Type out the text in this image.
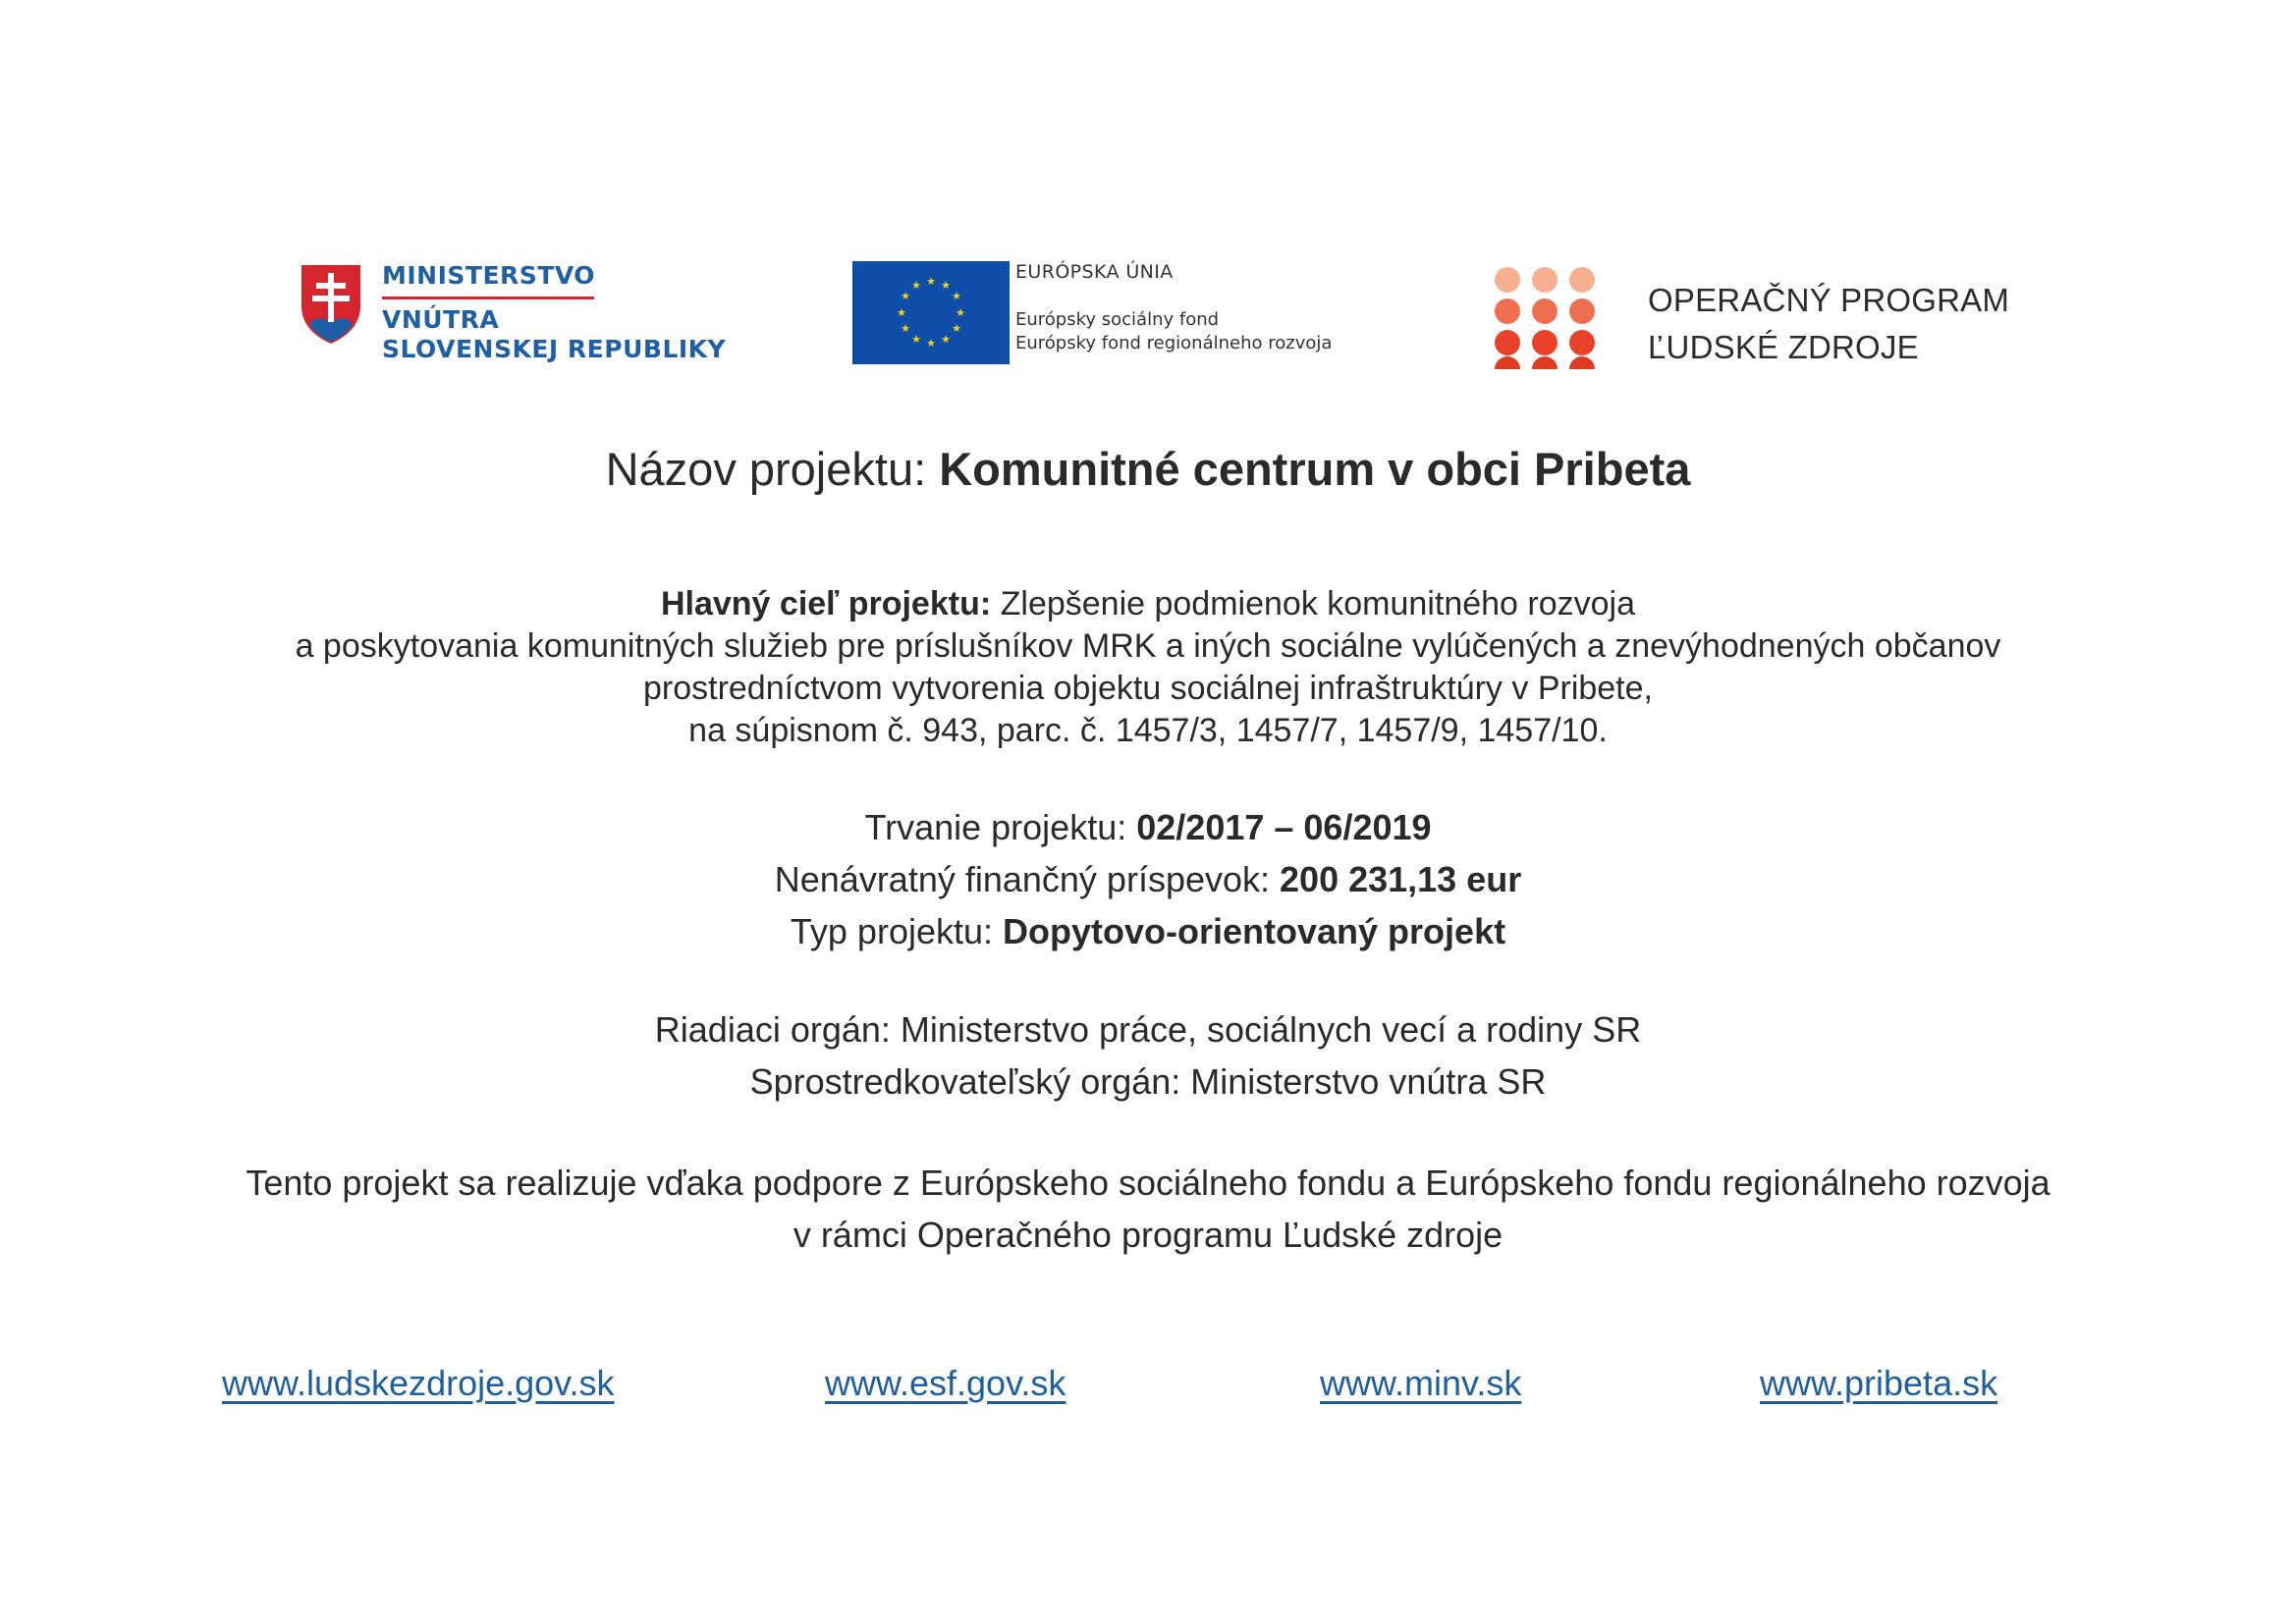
MINISTERSTVO
VNÚTRA
SLOVENSKEJ REPUBLIKY
★ ★
★
★
★
★
★
★
★
★
★
★
EURÓPSKA ÚNIA
Európsky sociálny fond
Európsky fond regionálneho rozvoja
OPERAČNÝ PROGRAM
ĽUDSKÉ ZDROJE
Názov projektu: Komunitné centrum v obci Pribeta
Hlavný cieľ projektu: Zlepšenie podmienok komunitného rozvoja
a poskytovania komunitných služieb pre príslušníkov MRK a iných sociálne vylúčených a znevýhodnených občanov
prostredníctvom vytvorenia objektu sociálnej infraštruktúry v Pribete,
na súpisnom č. 943, parc. č. 1457/3, 1457/7, 1457/9, 1457/10.
Trvanie projektu: 02/2017 – 06/2019
Nenávratný finančný príspevok: 200 231,13 eur
Typ projektu: Dopytovo-orientovaný projekt
Riadiaci orgán: Ministerstvo práce, sociálnych vecí a rodiny SR
Sprostredkovateľský orgán: Ministerstvo vnútra SR
Tento projekt sa realizuje vďaka podpore z Európskeho sociálneho fondu a Európskeho fondu regionálneho rozvoja
v rámci Operačného programu Ľudské zdroje
www.ludskezdroje.gov.sk	www.esf.gov.sk	www.minv.sk	www.pribeta.sk
